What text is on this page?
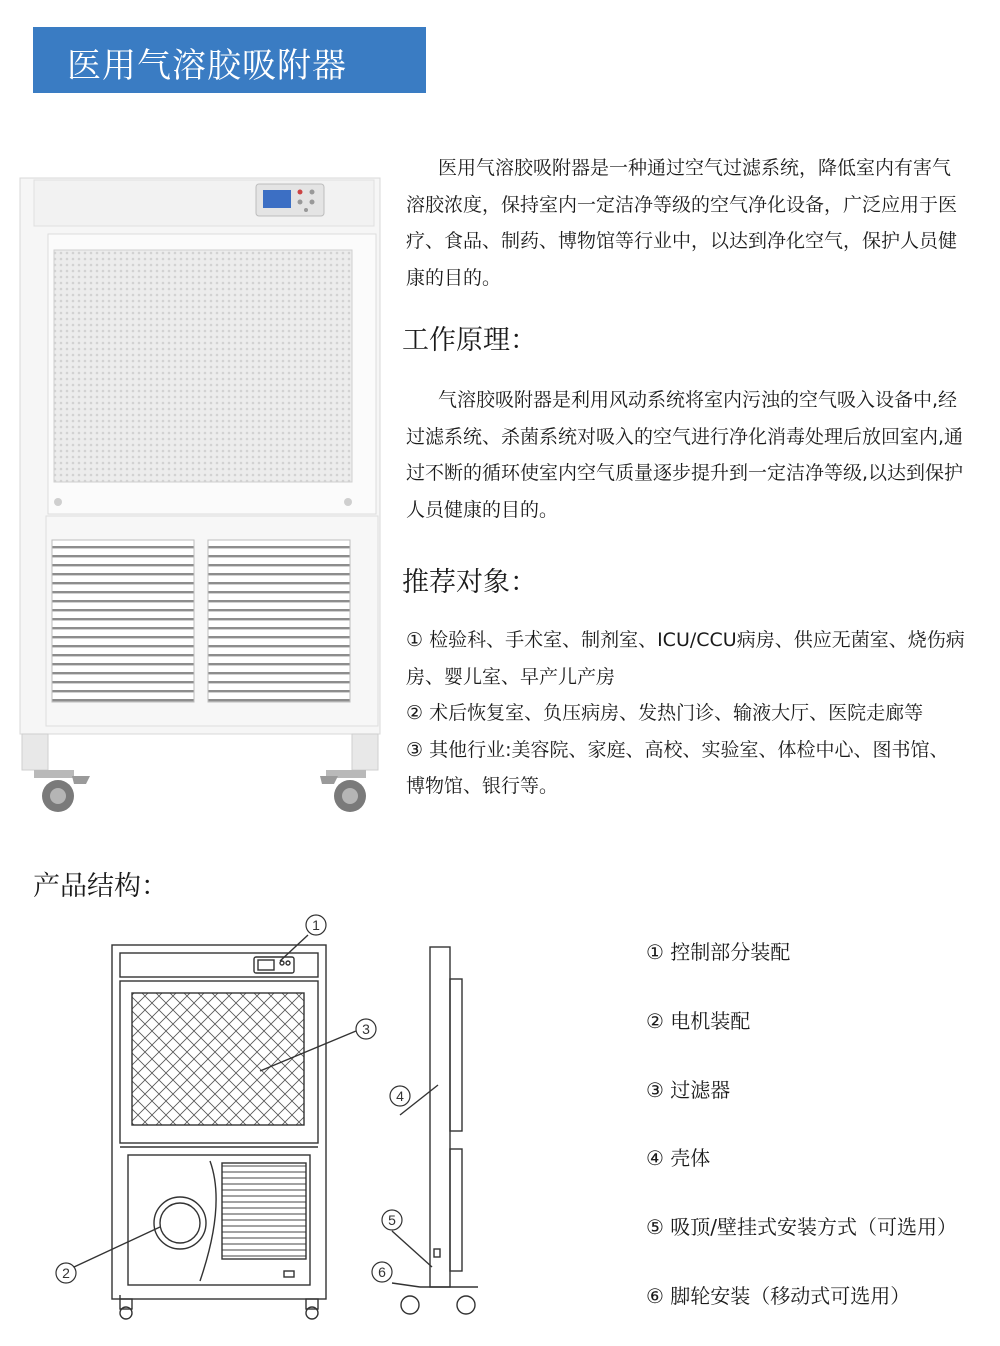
医用气溶胶吸附器
医用气溶胶吸附器是一种通过空气过滤系统，降低室内有害气溶胶浓度，保持室内一定洁净等级的空气净化设备，广泛应用于医疗、食品、制药、博物馆等行业中，以达到净化空气，保护人员健康的目的。
工作原理：
气溶胶吸附器是利用风动系统将室内污浊的空气吸入设备中,经过滤系统、杀菌系统对吸入的空气进行净化消毒处理后放回室内,通过不断的循环使室内空气质量逐步提升到一定洁净等级,以达到保护人员健康的目的。
推荐对象：
① 检验科、手术室、制剂室、ICU/CCU病房、供应无菌室、烧伤病房、婴儿室、早产儿产房
② 术后恢复室、负压病房、发热门诊、输液大厅、医院走廊等
③ 其他行业:美容院、家庭、高校、实验室、体检中心、图书馆、博物馆、银行等。
产品结构：
1
3
2
4
5
6
① 控制部分装配
② 电机装配
③ 过滤器
④ 壳体
⑤ 吸顶/壁挂式安装方式（可选用）
⑥ 脚轮安装（移动式可选用）
